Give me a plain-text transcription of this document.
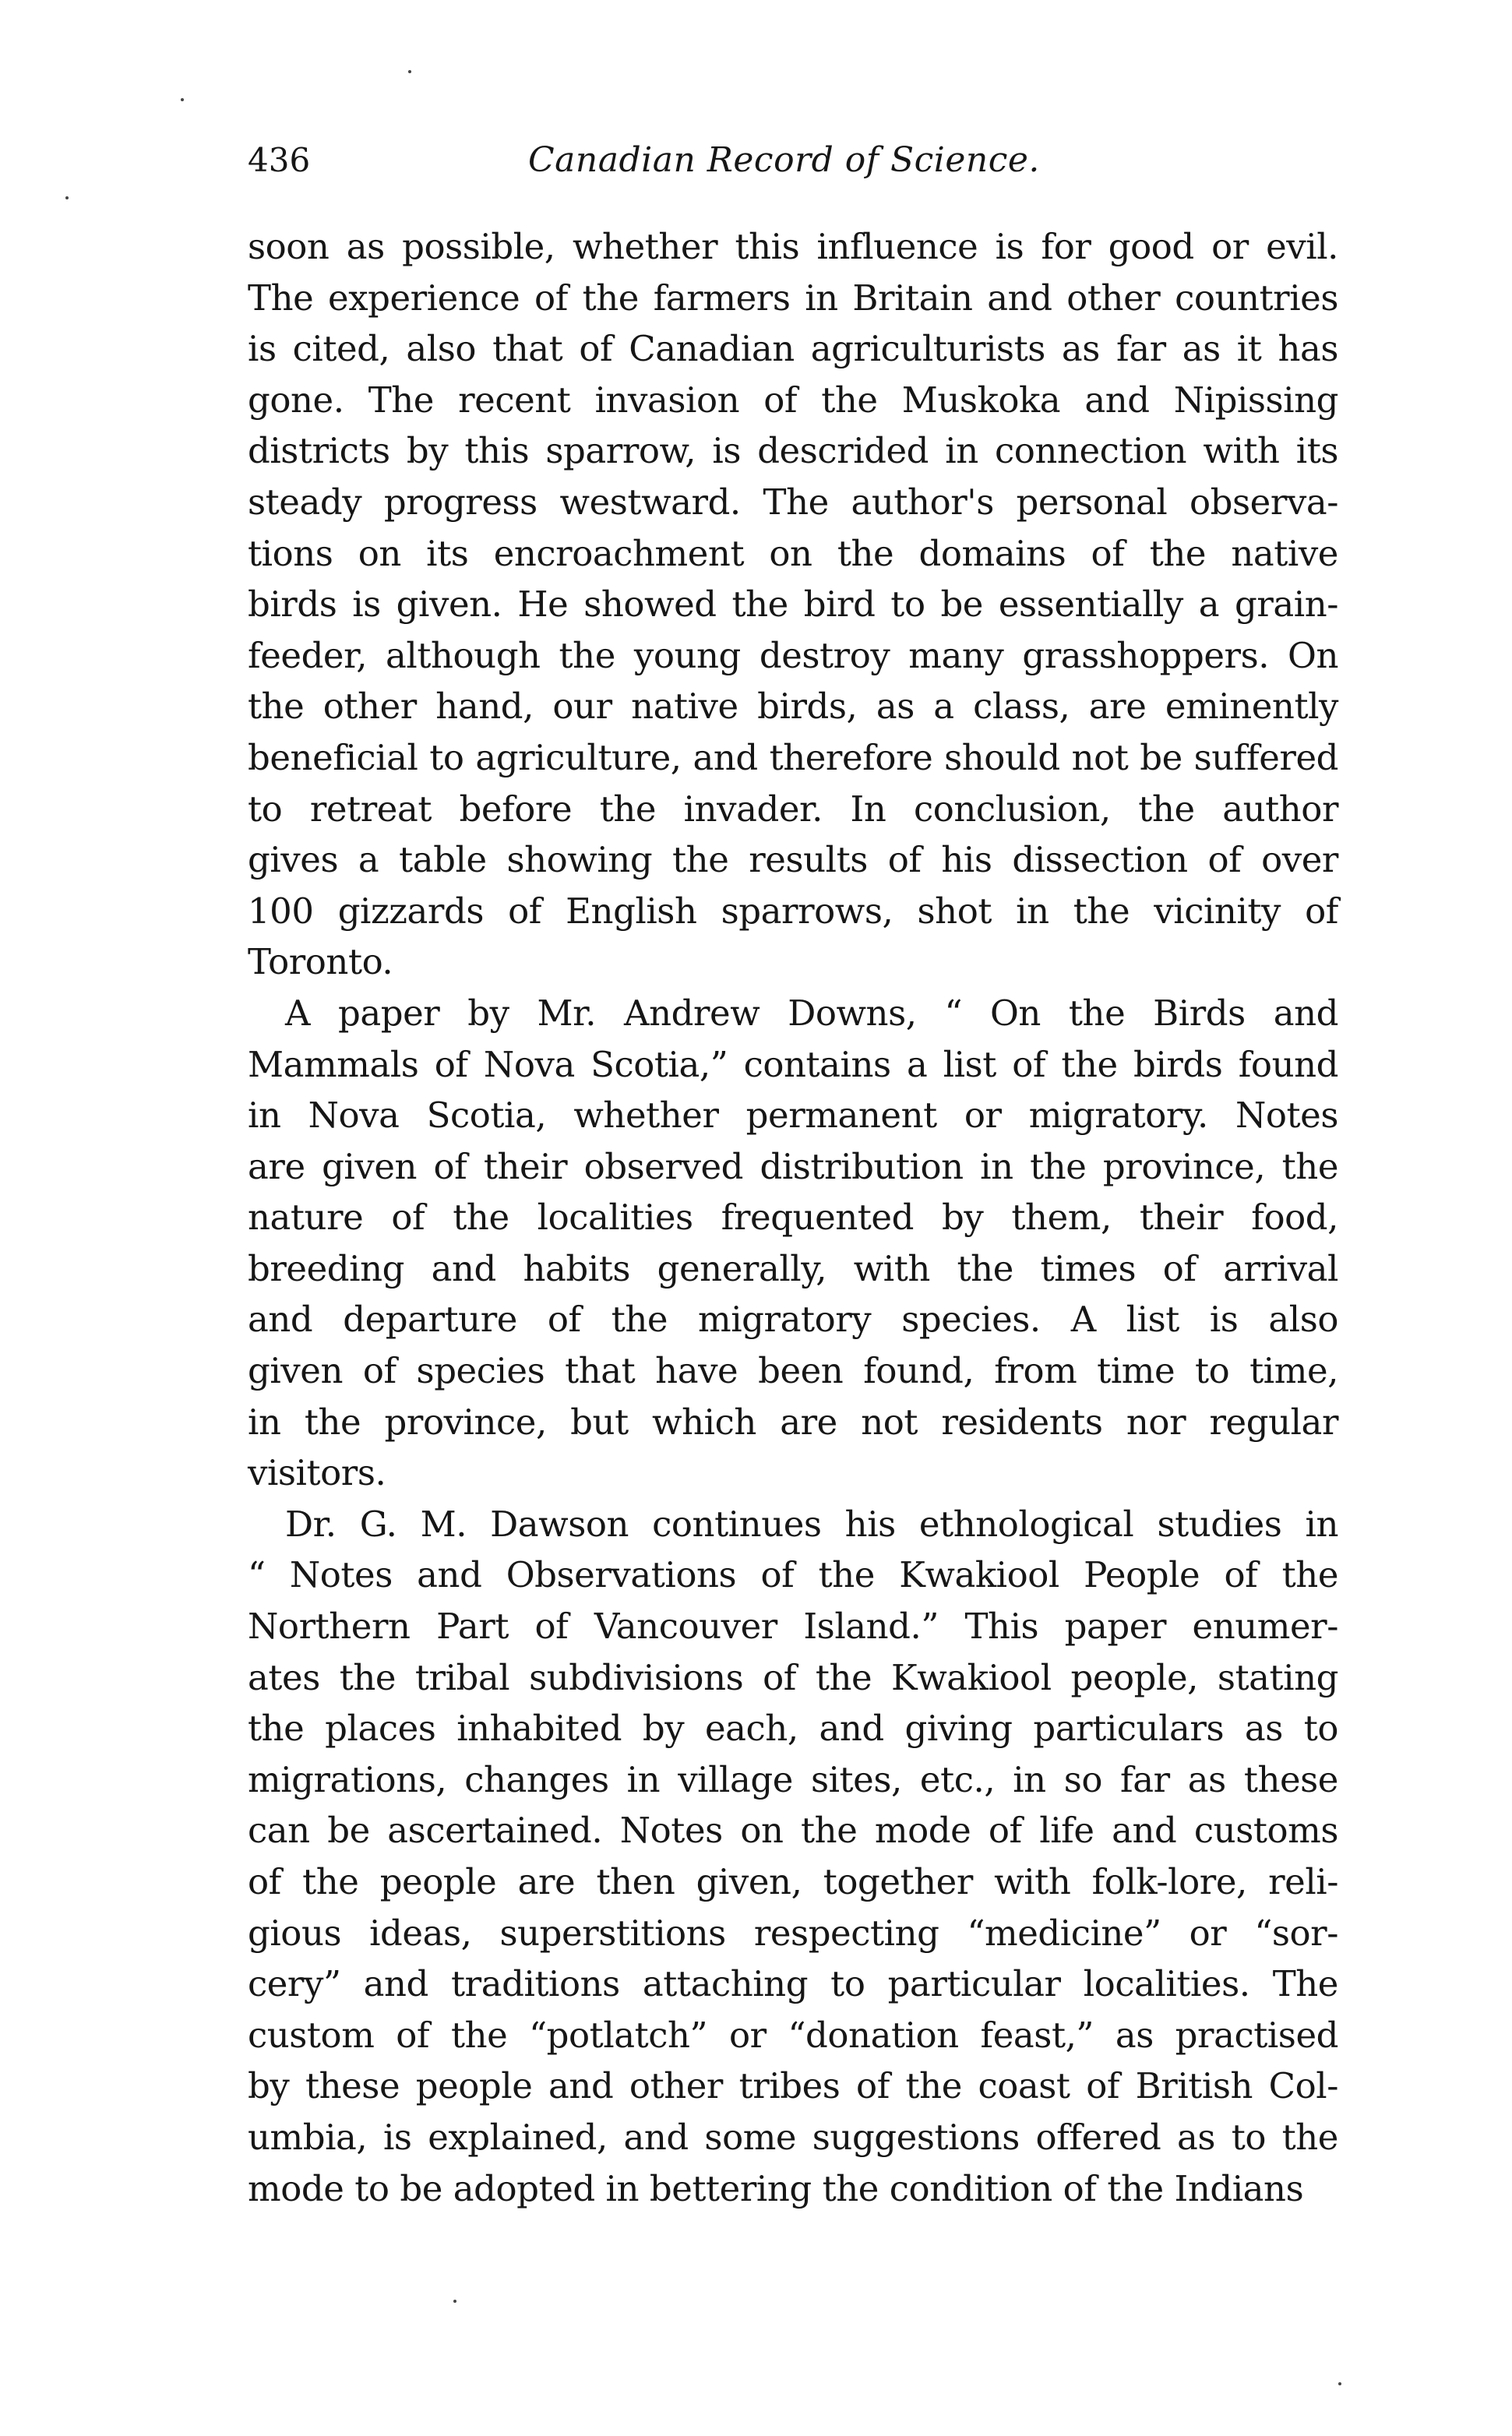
436	Canadian Record of Science.
soon as possible, whether this influence is for good or evil.
The experience of the farmers in Britain and other countries
is cited, also that of Canadian agriculturists as far as it has
gone. The recent invasion of the Muskoka and Nipissing
districts by this sparrow, is descrided in connection with its
steady progress westward. The author's personal observa-
tions on its encroachment on the domains of the native
birds is given. He showed the bird to be essentially a grain-
feeder, although the young destroy many grasshoppers. On
the other hand, our native birds, as a class, are eminently
beneficial to agriculture, and therefore should not be suffered
to retreat before the invader. In conclusion, the author
gives a table showing the results of his dissection of over
100 gizzards of English sparrows, shot in the vicinity of
Toronto.
A paper by Mr. Andrew Downs, “ On the Birds and
Mammals of Nova Scotia,” contains a list of the birds found
in Nova Scotia, whether permanent or migratory. Notes
are given of their observed distribution in the province, the
nature of the localities frequented by them, their food,
breeding and habits generally, with the times of arrival
and departure of the migratory species. A list is also
given of species that have been found, from time to time,
in the province, but which are not residents nor regular
visitors.
Dr. G. M. Dawson continues his ethnological studies in
“ Notes and Observations of the Kwakiool People of the
Northern Part of Vancouver Island.” This paper enumer-
ates the tribal subdivisions of the Kwakiool people, stating
the places inhabited by each, and giving particulars as to
migrations, changes in village sites, etc., in so far as these
can be ascertained. Notes on the mode of life and customs
of the people are then given, together with folk-lore, reli-
gious ideas, superstitions respecting “medicine” or “sor-
cery” and traditions attaching to particular localities. The
custom of the “potlatch” or “donation feast,” as practised
by these people and other tribes of the coast of British Col-
umbia, is explained, and some suggestions offered as to the
mode to be adopted in bettering the condition of the Indians
